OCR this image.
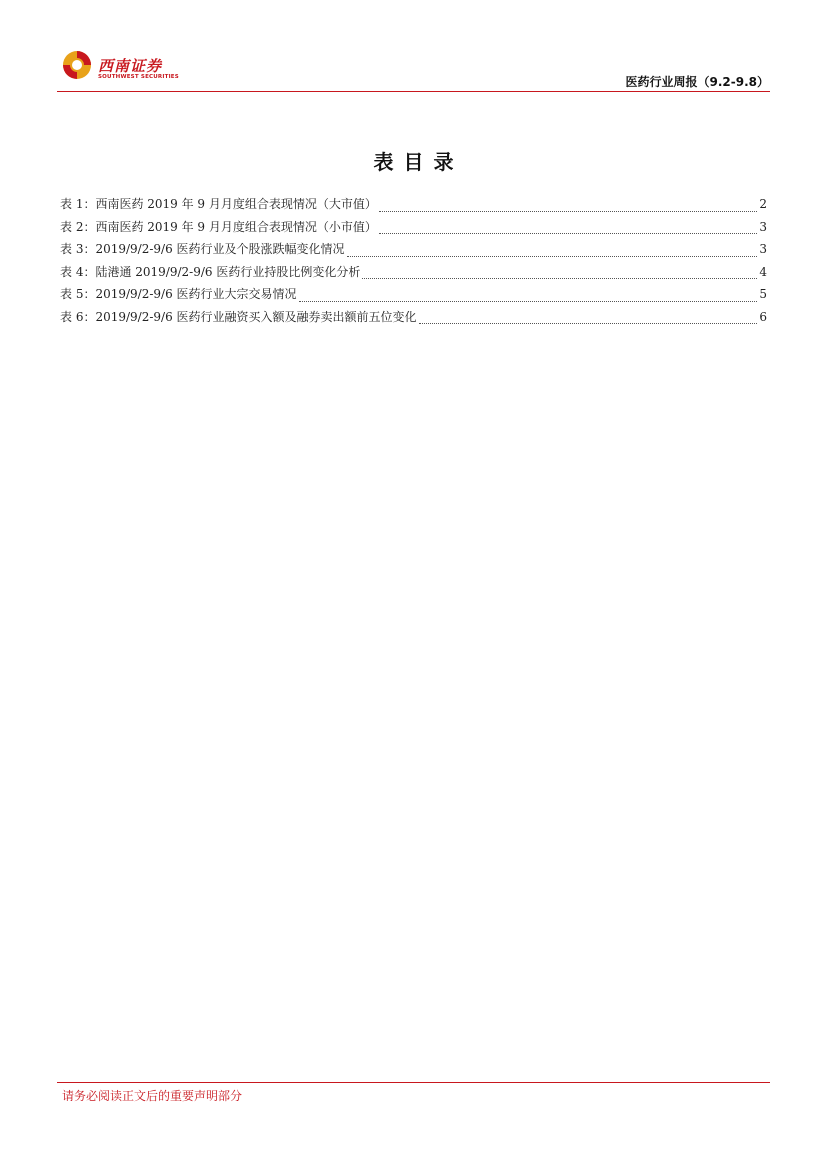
西南证券
SOUTHWEST SECURITIES	医药行业周报（9.2-9.8）
表目录
表 1：西南医药 2019 年 9 月月度组合表现情况（大市值）	2
表 2：西南医药 2019 年 9 月月度组合表现情况（小市值）	3
表 3：2019/9/2-9/6 医药行业及个股涨跌幅变化情况	3
表 4：陆港通 2019/9/2-9/6 医药行业持股比例变化分析	4
表 5：2019/9/2-9/6 医药行业大宗交易情况	5
表 6：2019/9/2-9/6 医药行业融资买入额及融券卖出额前五位变化	6
请务必阅读正文后的重要声明部分
